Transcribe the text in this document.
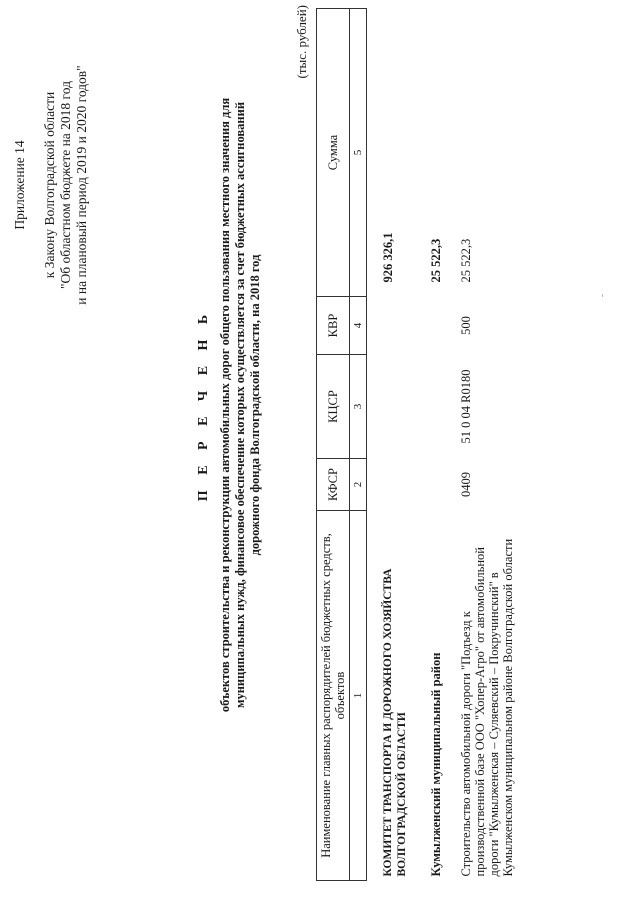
Приложение 14 к Закону Волгоградской области "Об областном бюджете на 2018 год и на плановый период 2019 и 2020 годов"
П Е Р Е Ч Е Н Ь объектов строительства и реконструкции автомобильных дорог общего пользования местного значения для муниципальных нужд, финансовое обеспечение которых осуществляется за счет бюджетных ассигнований дорожного фонда Волгоградской области, на 2018 год
(тыс. рублей)
Наименование главных распорядителей бюджетных средств, объектов	КФСР	КЦСР	КВР	Сумма
1	2	3	4	5
КОМИТЕТ ТРАНСПОРТА И ДОРОЖНОГО ХОЗЯЙСТВА ВОЛГОГРАДСКОЙ ОБЛАСТИ				926 326,1
Кумылженский муниципальный район				25 522,3
Строительство автомобильной дороги "Подъезд к производственной базе ООО "Хопер-Агро" от автомобильной дороги "Кумылженская – Суляевский – Покручинский" в Кумылженском муниципальном районе Волгоградской области	0409	51 0 04 R0180	500	25 522,3
